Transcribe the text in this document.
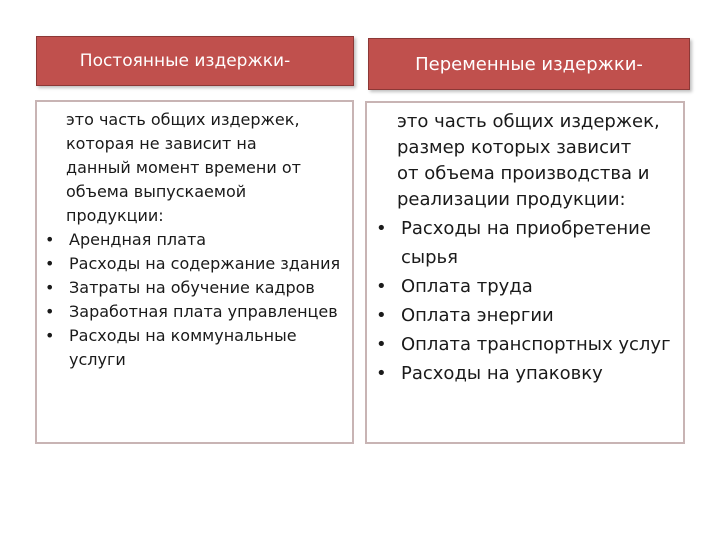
Постоянные издержки-	Переменные издержки-
это часть общих издержек,
которая не зависит на
данный момент времени от
объема выпускаемой
продукции:
• Арендная плата
• Расходы на содержание здания
• Затраты на обучение кадров
• Заработная плата управленцев
• Расходы на коммунальные услуги
это часть общих издержек,
размер которых зависит
от объема производства и
реализации продукции:
• Расходы на приобретение сырья
• Оплата труда
• Оплата энергии
• Оплата транспортных услуг
• Расходы на упаковку
